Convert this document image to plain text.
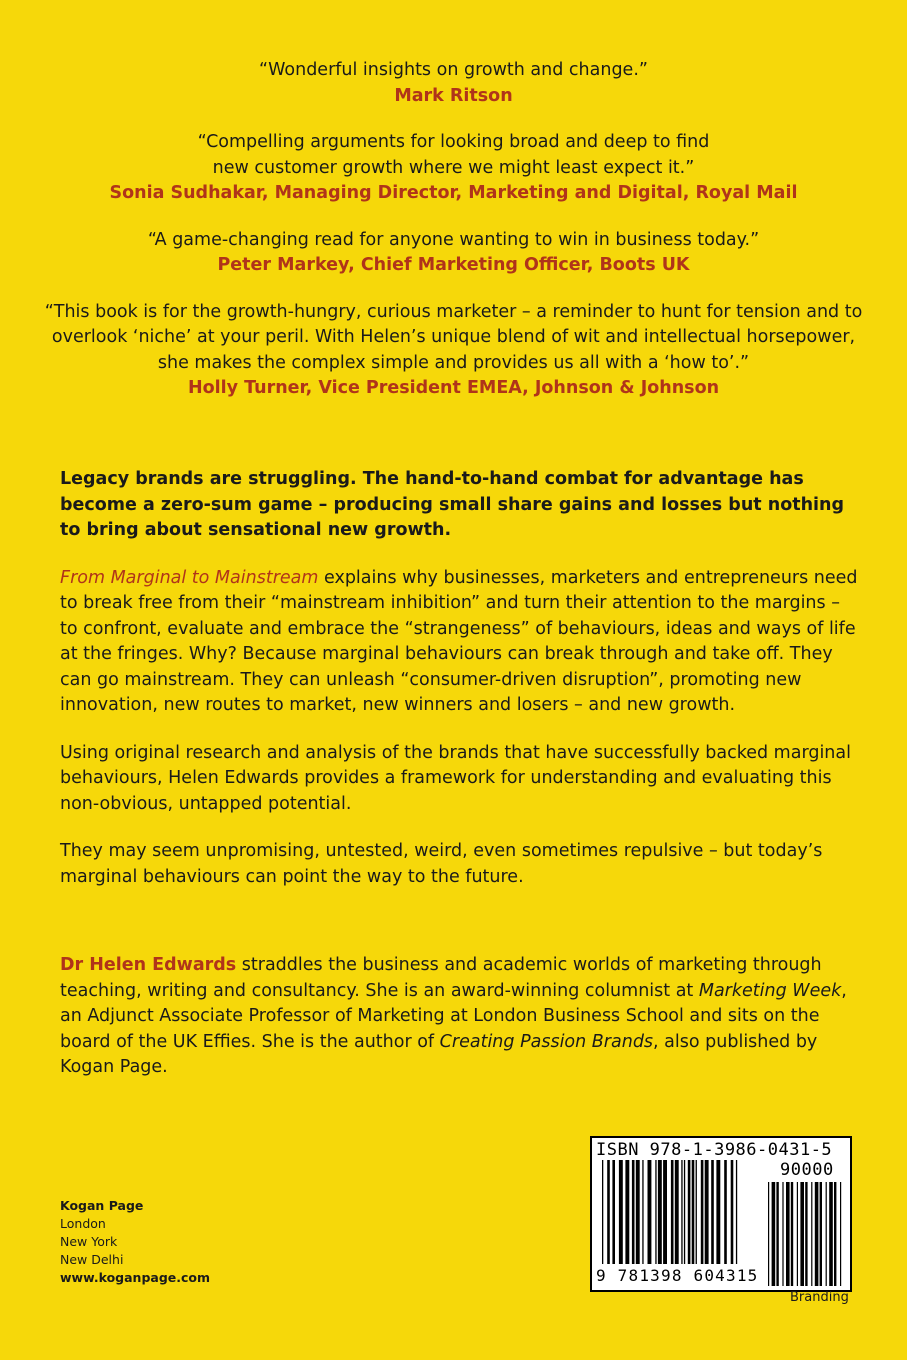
“Wonderful insights on growth and change.”
Mark Ritson
“Compelling arguments for looking broad and deep to find new customer growth where we might least expect it.”
Sonia Sudhakar, Managing Director, Marketing and Digital, Royal Mail
“A game-changing read for anyone wanting to win in business today.”
Peter Markey, Chief Marketing Officer, Boots UK
“This book is for the growth-hungry, curious marketer – a reminder to hunt for tension and to overlook ‘niche’ at your peril. With Helen’s unique blend of wit and intellectual horsepower, she makes the complex simple and provides us all with a ‘how to’.”
Holly Turner, Vice President EMEA, Johnson & Johnson

Legacy brands are struggling. The hand-to-hand combat for advantage has become a zero-sum game – producing small share gains and losses but nothing to bring about sensational new growth.

From Marginal to Mainstream explains why businesses, marketers and entrepreneurs need to break free from their “mainstream inhibition” and turn their attention to the margins – to confront, evaluate and embrace the “strangeness” of behaviours, ideas and ways of life at the fringes. Why? Because marginal behaviours can break through and take off. They can go mainstream. They can unleash “consumer-driven disruption”, promoting new innovation, new routes to market, new winners and losers – and new growth.

Using original research and analysis of the brands that have successfully backed marginal behaviours, Helen Edwards provides a framework for understanding and evaluating this non-obvious, untapped potential.

They may seem unpromising, untested, weird, even sometimes repulsive – but today’s marginal behaviours can point the way to the future.

Dr Helen Edwards straddles the business and academic worlds of marketing through teaching, writing and consultancy. She is an award-winning columnist at Marketing Week, an Adjunct Associate Professor of Marketing at London Business School and sits on the board of the UK Effies. She is the author of Creating Passion Brands, also published by Kogan Page.
Kogan Page
London
New York
New Delhi
www.koganpage.com
ISBN 978-1-3986-0431-5
90000
9 781398 604315
Branding
